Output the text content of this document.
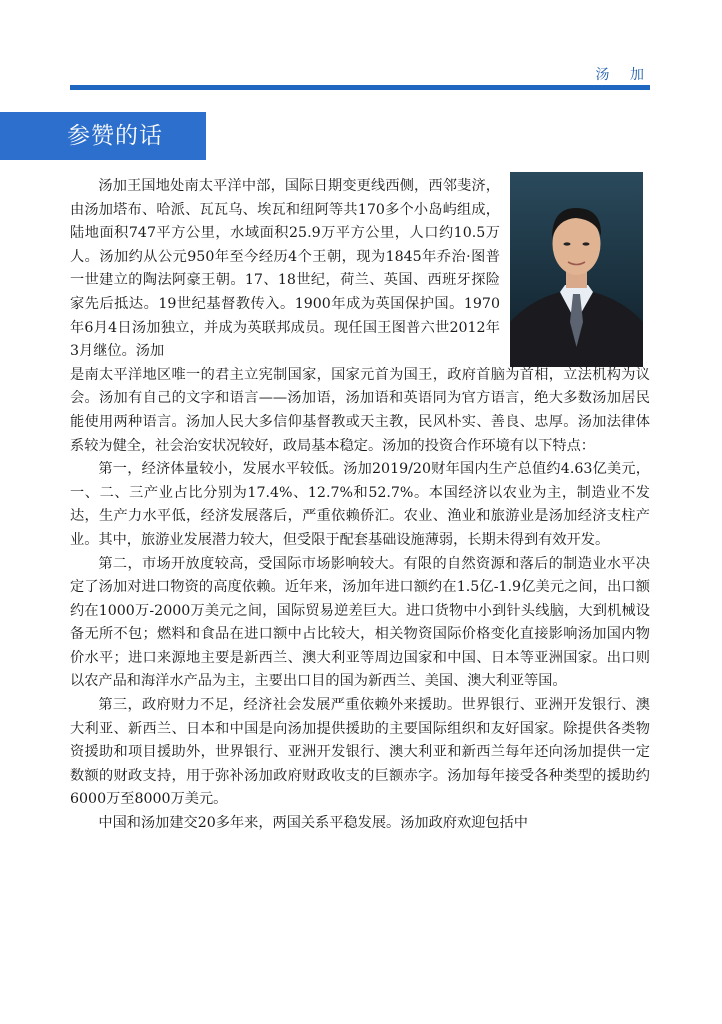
汤 加
参赞的话

汤加王国地处南太平洋中部，国际日期变更线西侧，西邻斐济，由汤加塔布、哈派、瓦瓦乌、埃瓦和纽阿等共170多个小岛屿组成，陆地面积747平方公里，水域面积25.9万平方公里，人口约10.5万人。汤加约从公元950年至今经历4个王朝，现为1845年乔治·图普一世建立的陶法阿豪王朝。17、18世纪，荷兰、英国、西班牙探险家先后抵达。19世纪基督教传入。1900年成为英国保护国。1970年6月4日汤加独立，并成为英联邦成员。现任国王图普六世2012年3月继位。汤加

是南太平洋地区唯一的君主立宪制国家，国家元首为国王，政府首脑为首相，立法机构为议会。汤加有自己的文字和语言——汤加语，汤加语和英语同为官方语言，绝大多数汤加居民能使用两种语言。汤加人民大多信仰基督教或天主教，民风朴实、善良、忠厚。汤加法律体系较为健全，社会治安状况较好，政局基本稳定。汤加的投资合作环境有以下特点：

第一，经济体量较小，发展水平较低。汤加2019/20财年国内生产总值约4.63亿美元，一、二、三产业占比分别为17.4%、12.7%和52.7%。本国经济以农业为主，制造业不发达，生产力水平低，经济发展落后，严重依赖侨汇。农业、渔业和旅游业是汤加经济支柱产业。其中，旅游业发展潜力较大，但受限于配套基础设施薄弱，长期未得到有效开发。

第二，市场开放度较高，受国际市场影响较大。有限的自然资源和落后的制造业水平决定了汤加对进口物资的高度依赖。近年来，汤加年进口额约在1.5亿-1.9亿美元之间，出口额约在1000万-2000万美元之间，国际贸易逆差巨大。进口货物中小到针头线脑，大到机械设备无所不包；燃料和食品在进口额中占比较大，相关物资国际价格变化直接影响汤加国内物价水平；进口来源地主要是新西兰、澳大利亚等周边国家和中国、日本等亚洲国家。出口则以农产品和海洋水产品为主，主要出口目的国为新西兰、美国、澳大利亚等国。

第三，政府财力不足，经济社会发展严重依赖外来援助。世界银行、亚洲开发银行、澳大利亚、新西兰、日本和中国是向汤加提供援助的主要国际组织和友好国家。除提供各类物资援助和项目援助外，世界银行、亚洲开发银行、澳大利亚和新西兰每年还向汤加提供一定数额的财政支持，用于弥补汤加政府财政收支的巨额赤字。汤加每年接受各种类型的援助约6000万至8000万美元。

中国和汤加建交20多年来，两国关系平稳发展。汤加政府欢迎包括中
